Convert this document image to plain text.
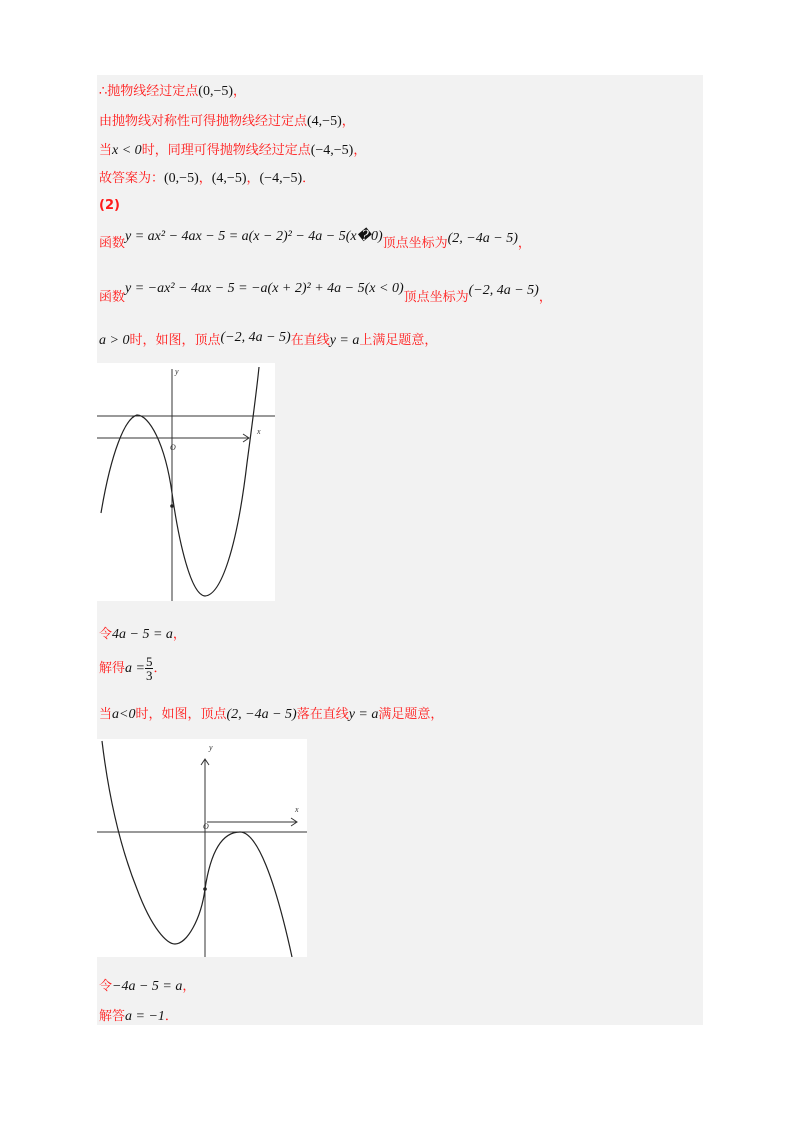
∴抛物线经过定点(0,−5)，
由抛物线对称性可得抛物线经过定点(4,−5)，
当x < 0时，同理可得抛物线经过定点(−4,−5)，
故答案为：(0,−5)，(4,−5)，(−4,−5)．
(2)
函数y = ax² − 4ax − 5 = a(x − 2)² − 4a − 5(x�0)顶点坐标为(2, −4a − 5)，
函数y = −ax² − 4ax − 5 = −a(x + 2)² + 4a − 5(x < 0)顶点坐标为(−2, 4a − 5)，
a > 0时，如图，顶点(−2, 4a − 5)在直线y = a上满足题意，
x
y
O
令4a − 5 = a，
解得$a = \frac{5}{3}$ ．
当a<0时，如图，顶点(2, −4a − 5)落在直线y = a满足题意，
x
y
O
令−4a − 5 = a，
解答a = −1．
